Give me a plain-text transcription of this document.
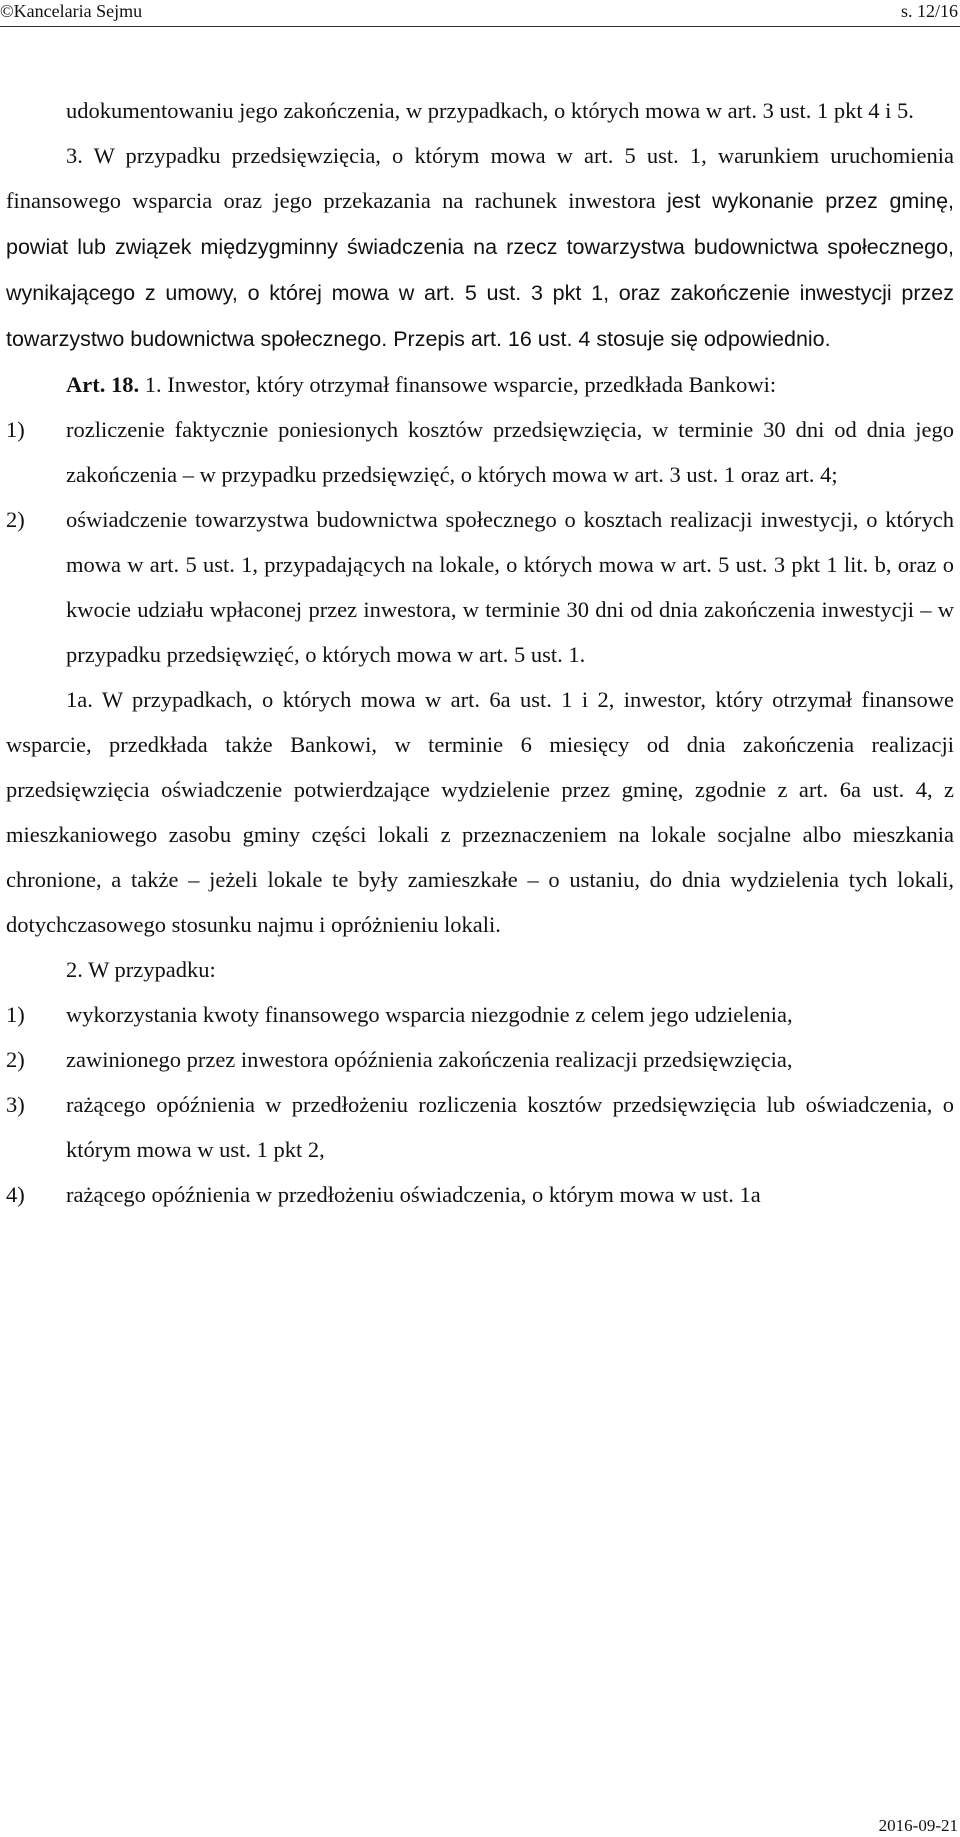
©Kancelaria Sejmu	s. 12/16

udokumentowaniu jego zakończenia, w przypadkach, o których mowa w art. 3 ust. 1 pkt 4 i 5.

3. W przypadku przedsięwzięcia, o którym mowa w art. 5 ust. 1, warunkiem uruchomienia finansowego wsparcia oraz jego przekazania na rachunek inwestora jest wykonanie przez gminę, powiat lub związek międzygminny świadczenia na rzecz towarzystwa budownictwa społecznego, wynikającego z umowy, o której mowa w art. 5 ust. 3 pkt 1, oraz zakończenie inwestycji przez towarzystwo budownictwa społecznego. Przepis art. 16 ust. 4 stosuje się odpowiednio.

Art. 18. 1. Inwestor, który otrzymał finansowe wsparcie, przedkłada Bankowi:

1) rozliczenie faktycznie poniesionych kosztów przedsięwzięcia, w terminie 30 dni od dnia jego zakończenia – w przypadku przedsięwzięć, o których mowa w art. 3 ust. 1 oraz art. 4;

2) oświadczenie towarzystwa budownictwa społecznego o kosztach realizacji inwestycji, o których mowa w art. 5 ust. 1, przypadających na lokale, o których mowa w art. 5 ust. 3 pkt 1 lit. b, oraz o kwocie udziału wpłaconej przez inwestora, w terminie 30 dni od dnia zakończenia inwestycji – w przypadku przedsięwzięć, o których mowa w art. 5 ust. 1.

1a. W przypadkach, o których mowa w art. 6a ust. 1 i 2, inwestor, który otrzymał finansowe wsparcie, przedkłada także Bankowi, w terminie 6 miesięcy od dnia zakończenia realizacji przedsięwzięcia oświadczenie potwierdzające wydzielenie przez gminę, zgodnie z art. 6a ust. 4, z mieszkaniowego zasobu gminy części lokali z przeznaczeniem na lokale socjalne albo mieszkania chronione, a także – jeżeli lokale te były zamieszkałe – o ustaniu, do dnia wydzielenia tych lokali, dotychczasowego stosunku najmu i opróżnieniu lokali.

2. W przypadku:

1) wykorzystania kwoty finansowego wsparcia niezgodnie z celem jego udzielenia,

2) zawinionego przez inwestora opóźnienia zakończenia realizacji przedsięwzięcia,

3) rażącego opóźnienia w przedłożeniu rozliczenia kosztów przedsięwzięcia lub oświadczenia, o którym mowa w ust. 1 pkt 2,

4) rażącego opóźnienia w przedłożeniu oświadczenia, o którym mowa w ust. 1a

2016-09-21
